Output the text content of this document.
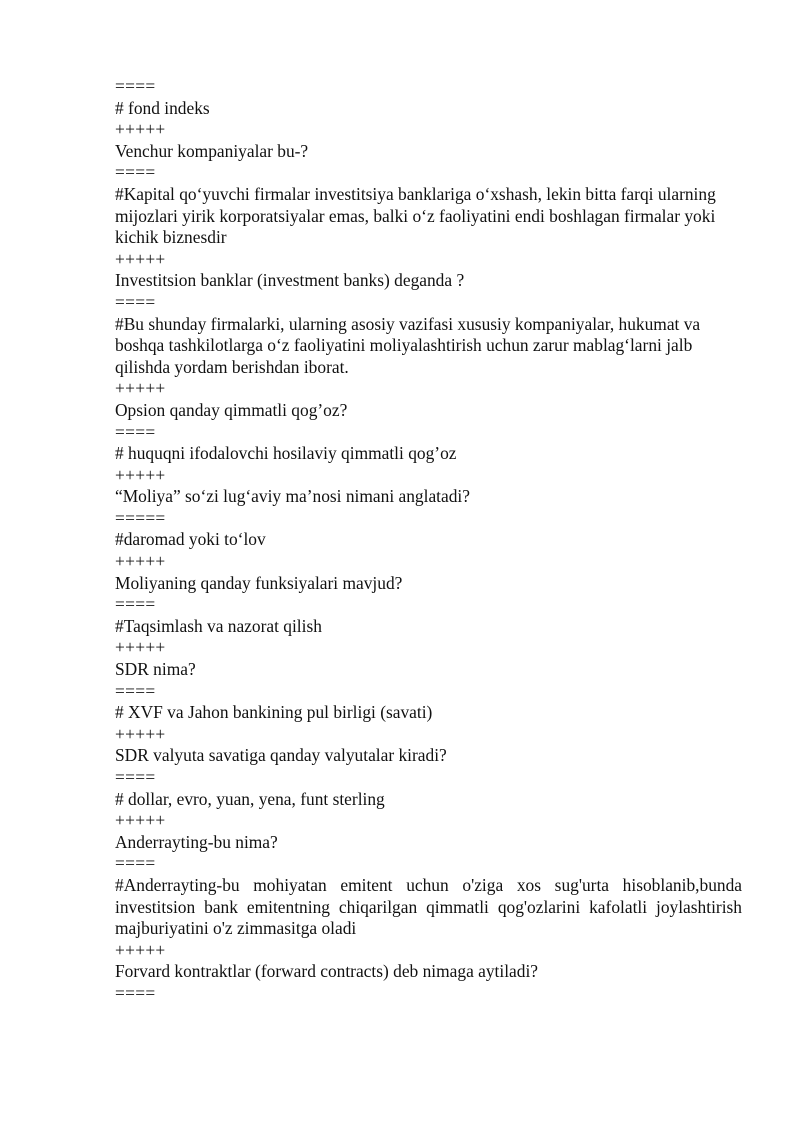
====
# fond indeks
+++++
Venchur kompaniyalar bu-?
====
#Kapital qo‘yuvchi firmalar investitsiya banklariga o‘xshash, lekin bitta farqi ularning mijozlari yirik korporatsiyalar emas, balki o‘z faoliyatini endi boshlagan firmalar yoki kichik biznesdir
+++++
Investitsion banklar (investment banks) deganda ?
====
#Bu shunday firmalarki, ularning asosiy vazifasi xususiy kompaniyalar, hukumat va boshqa tashkilotlarga o‘z faoliyatini moliyalashtirish uchun zarur mablag‘larni jalb qilishda yordam berishdan iborat.
+++++
Opsion qanday qimmatli qog’oz?
====
# huquqni ifodalovchi hosilaviy qimmatli qog’oz
+++++
“Moliya” so‘zi lug‘aviy ma’nosi nimani anglatadi?
=====
#daromad yoki to‘lov
+++++
Moliyaning qanday funksiyalari mavjud?
====
#Taqsimlash va nazorat qilish
+++++
SDR nima?
====
# XVF va Jahon bankining pul birligi (savati)
+++++
SDR valyuta savatiga qanday valyutalar kiradi?
====
# dollar, evro, yuan, yena, funt sterling
+++++
Anderrayting-bu nima?
====
#Anderrayting-bu mohiyatan emitent uchun o'ziga xos sug'urta hisoblanib,bunda investitsion bank emitentning chiqarilgan qimmatli qog'ozlarini kafolatli joylashtirish majburiyatini o'z zimmasitga oladi
+++++
Forvard kontraktlar (forward contracts) deb nimaga aytiladi?
====
